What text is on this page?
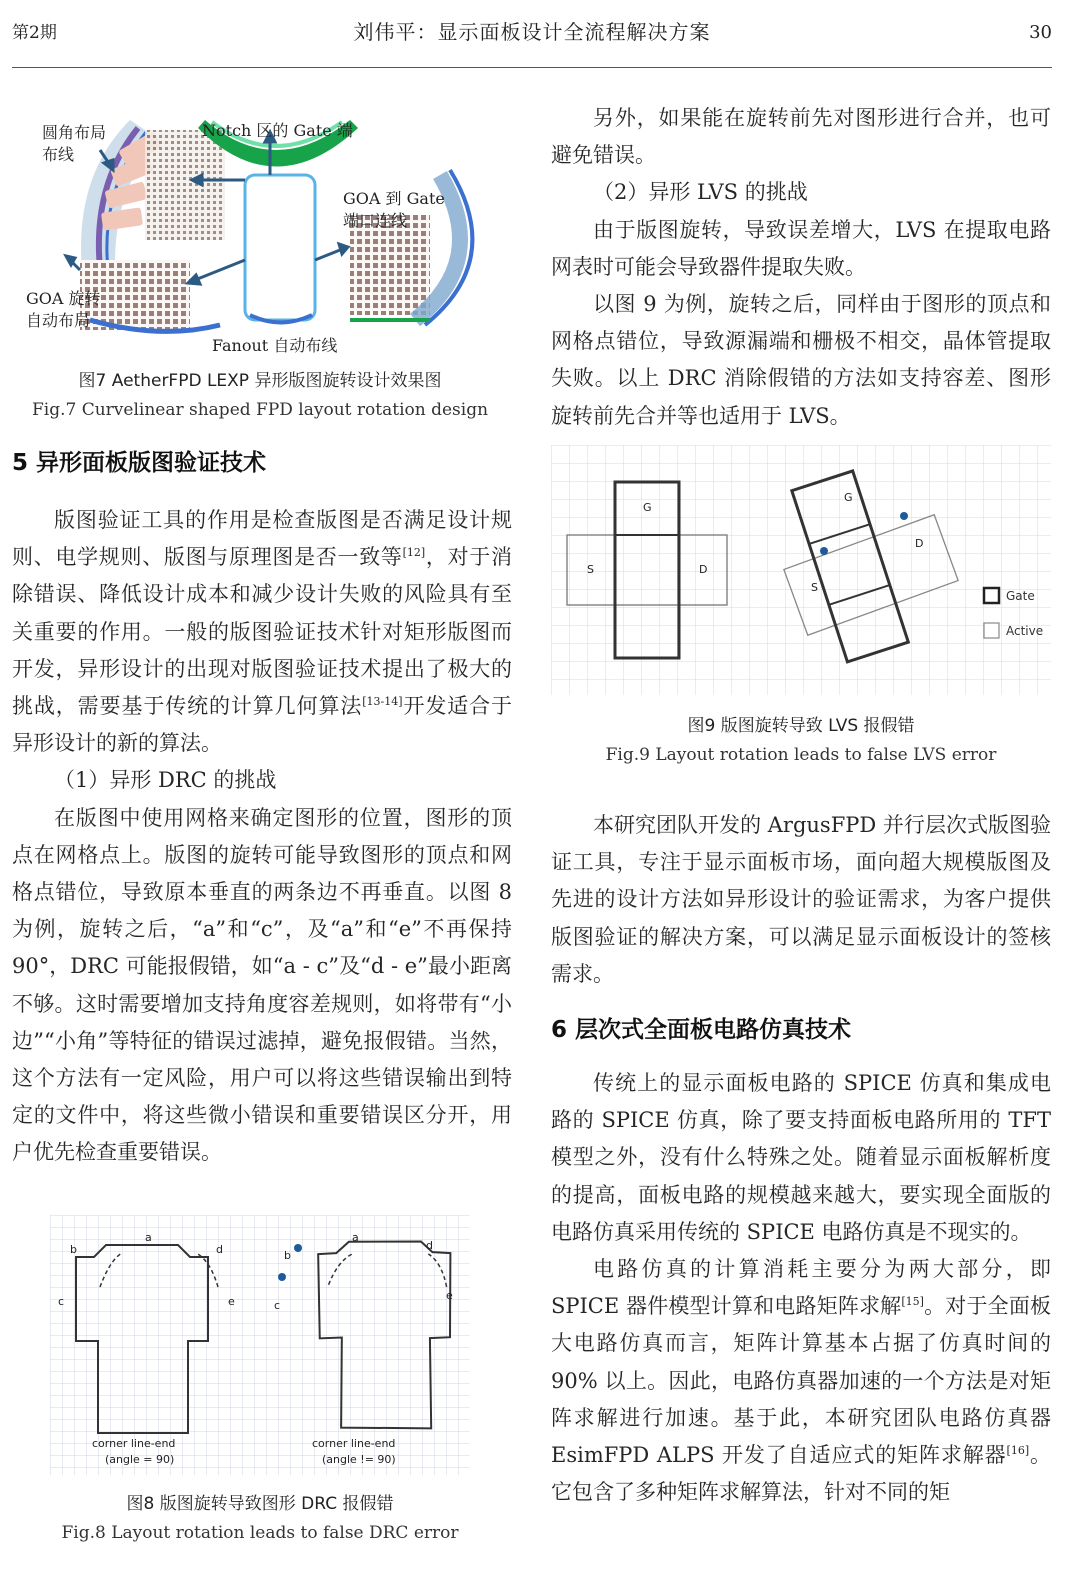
第2期	刘伟平：显示面板设计全流程解决方案	30
圆角布局
布线
Notch 区的 Gate 端
GOA 到 Gate
端口连线
GOA 旋转
自动布局
Fanout 自动布线
图7 AetherFPD LEXP 异形版图旋转设计效果图
Fig.7 Curvelinear shaped FPD layout rotation design
5 异形面板版图验证技术
版图验证工具的作用是检查版图是否满足设计规则、电学规则、版图与原理图是否一致等[12]，对于消除错误、降低设计成本和减少设计失败的风险具有至关重要的作用。一般的版图验证技术针对矩形版图而开发，异形设计的出现对版图验证技术提出了极大的挑战，需要基于传统的计算几何算法[13-14]开发适合于异形设计的新的算法。
（1）异形 DRC 的挑战
在版图中使用网格来确定图形的位置，图形的顶点在网格点上。版图的旋转可能导致图形的顶点和网格点错位，导致原本垂直的两条边不再垂直。以图 8 为例，旋转之后，“a”和“c”，及“a”和“e”不再保持 90°，DRC 可能报假错，如“a - c”及“d - e”最小距离不够。这时需要增加支持角度容差规则，如将带有“小边”“小角”等特征的错误过滤掉，避免报假错。当然，这个方法有一定风险，用户可以将这些错误输出到特定的文件中，将这些微小错误和重要错误区分开，用户优先检查重要错误。
a
b
c
d
e
a
b
c
d
e
corner line-end
(angle = 90)
corner line-end
(angle != 90)
图8 版图旋转导致图形 DRC 报假错
Fig.8 Layout rotation leads to false DRC error
另外，如果能在旋转前先对图形进行合并，也可避免错误。
（2）异形 LVS 的挑战
由于版图旋转，导致误差增大，LVS 在提取电路网表时可能会导致器件提取失败。
以图 9 为例，旋转之后，同样由于图形的顶点和网格点错位，导致源漏端和栅极不相交，晶体管提取失败。以上 DRC 消除假错的方法如支持容差、图形旋转前先合并等也适用于 LVS。
G
S	D
G
S
D
Gate
Active
图9 版图旋转导致 LVS 报假错
Fig.9 Layout rotation leads to false LVS error
本研究团队开发的 ArgusFPD 并行层次式版图验证工具，专注于显示面板市场，面向超大规模版图及先进的设计方法如异形设计的验证需求，为客户提供版图验证的解决方案，可以满足显示面板设计的签核需求。
6 层次式全面板电路仿真技术
传统上的显示面板电路的 SPICE 仿真和集成电路的 SPICE 仿真，除了要支持面板电路所用的 TFT 模型之外，没有什么特殊之处。随着显示面板解析度的提高，面板电路的规模越来越大，要实现全面版的电路仿真采用传统的 SPICE 电路仿真是不现实的。
电路仿真的计算消耗主要分为两大部分，即 SPICE 器件模型计算和电路矩阵求解[15]。对于全面板大电路仿真而言，矩阵计算基本占据了仿真时间的 90% 以上。因此，电路仿真器加速的一个方法是对矩阵求解进行加速。基于此，本研究团队电路仿真器 EsimFPD ALPS 开发了自适应式的矩阵求解器[16]。它包含了多种矩阵求解算法，针对不同的矩
